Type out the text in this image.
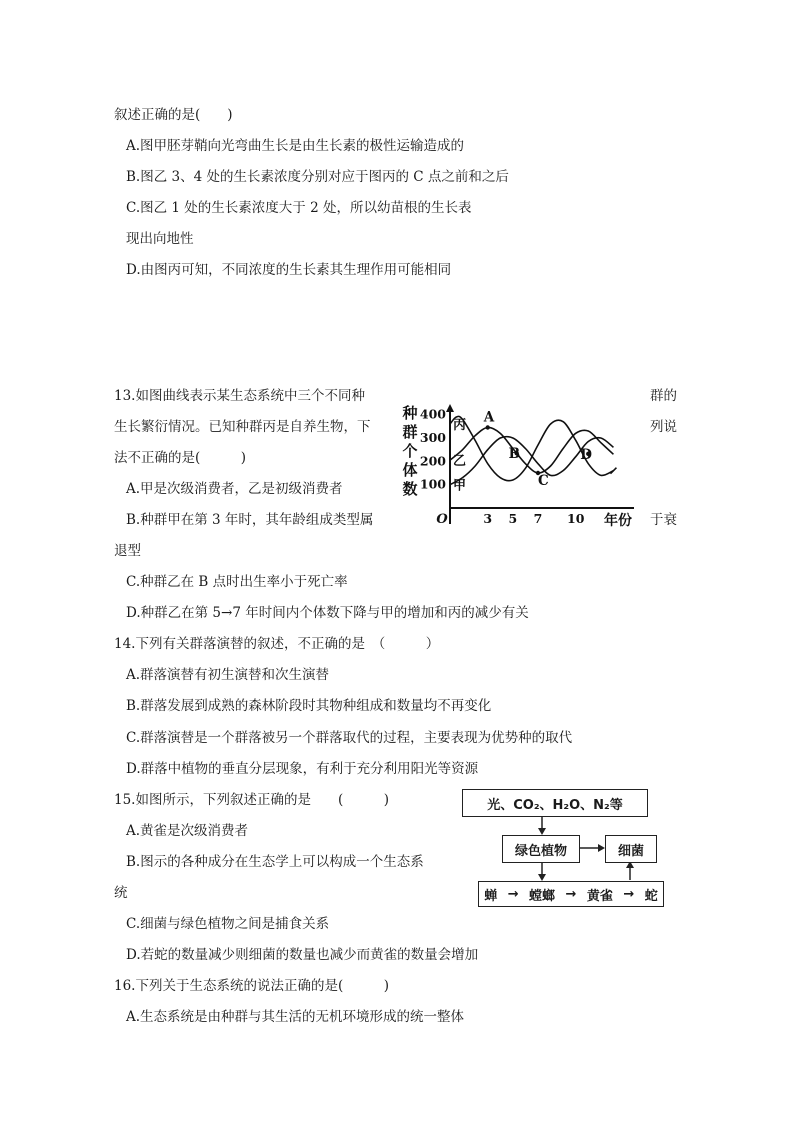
叙述正确的是(　　)
A.图甲胚芽鞘向光弯曲生长是由生长素的极性运输造成的
B.图乙 3、4 处的生长素浓度分别对应于图丙的 C 点之前和之后
C.图乙 1 处的生长素浓度大于 2 处，所以幼苗根的生长表
现出向地性
D.由图丙可知，不同浓度的生长素其生理作用可能相同
13.如图曲线表示某生态系统中三个不同种	群的
生长繁衍情况。已知种群丙是自养生物，下	列说
法不正确的是(　　　)
A.甲是次级消费者，乙是初级消费者
B.种群甲在第 3 年时，其年龄组成类型属	于衰
退型
C.种群乙在 B 点时出生率小于死亡率
D.种群乙在第 5→7 年时间内个体数下降与甲的增加和丙的减少有关
种
群
个
体
数
400
300
200
100
3 5 7 10
丙
乙
甲
A
B
C
D
O	年份
14.下列有关群落演替的叙述，不正确的是　（　　　）
A.群落演替有初生演替和次生演替
B.群落发展到成熟的森林阶段时其物种组成和数量均不再变化
C.群落演替是一个群落被另一个群落取代的过程，主要表现为优势种的取代
D.群落中植物的垂直分层现象，有利于充分利用阳光等资源
15.如图所示，下列叙述正确的是　　(　　　)
A.黄雀是次级消费者
B.图示的各种成分在生态学上可以构成一个生态系
统
C.细菌与绿色植物之间是捕食关系
D.若蛇的数量减少则细菌的数量也减少而黄雀的数量会增加
光、CO₂、H₂O、N₂等
绿色植物	细菌
蝉 → 螳螂 → 黄雀 → 蛇
16.下列关于生态系统的说法正确的是(　　　)
A.生态系统是由种群与其生活的无机环境形成的统一整体
